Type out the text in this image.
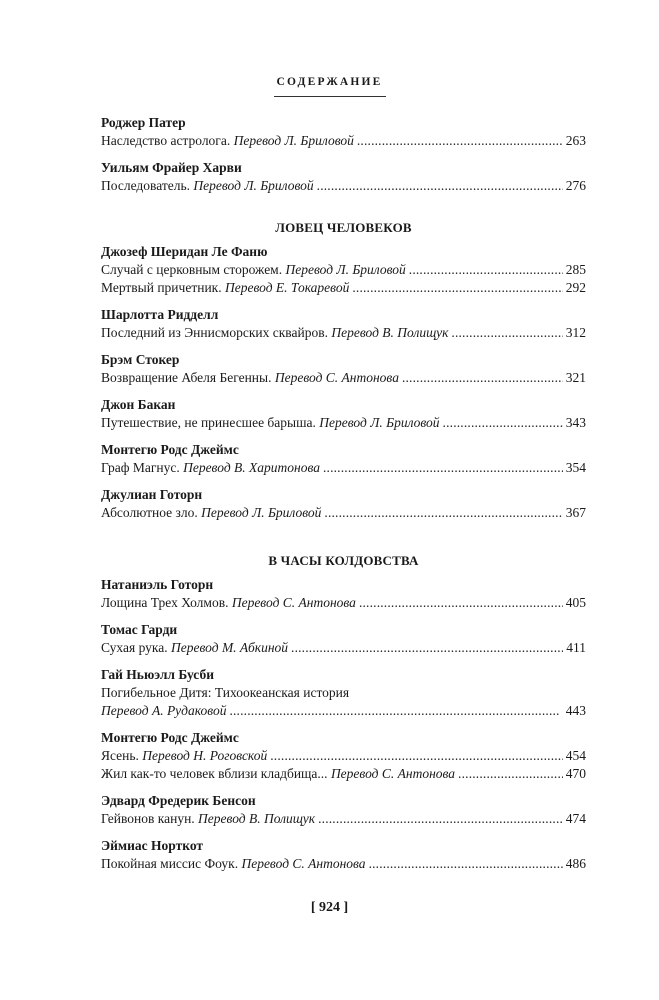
СОДЕРЖАНИЕ
Роджер Патер
Наследство астролога.
Перевод Л. Бриловой . . .	263
Уильям Фрайер Харви
Последователь.
Перевод Л. Бриловой . . .	276
ЛОВЕЦ ЧЕЛОВЕКОВ
Джозеф Шеридан Ле Фаню
Случай с церковным сторожем.
Перевод Л. Бриловой . . .	285
Мертвый причетник.
Перевод Е. Токаревой . . .	292
Шарлотта Ридделл
Последний из Эннисморских сквайров.
Перевод В. Полищук . . .	312
Брэм Стокер
Возвращение Абеля Бегенны.
Перевод С. Антонова . . .	321
Джон Бакан
Путешествие, не принесшее барыша.
Перевод Л. Бриловой . . .	343
Монтегю Родс Джеймс
Граф Магнус.
Перевод В. Харитонова . . .	354
Джулиан Готорн
Абсолютное зло.
Перевод Л. Бриловой . . .	367
В ЧАСЫ КОЛДОВСТВА
Натаниэль Готорн
Лощина Трех Холмов.
Перевод С. Антонова . . .	405
Томас Гарди
Сухая рука.
Перевод М. Абкиной . . .	411
Гай Ньюэлл Бусби
Погибельное Дитя: Тихоокеанская история
Перевод А. Рудаковой . . .	443
Монтегю Родс Джеймс
Ясень.
Перевод Н. Роговской . . .	454
Жил как-то человек вблизи кладбища...
Перевод С. Антонова . . .	470
Эдвард Фредерик Бенсон
Гейвонов канун.
Перевод В. Полищук . . .	474
Эймиас Норткот
Покойная миссис Фоук.
Перевод С. Антонова . . .	486
[ 924 ]
